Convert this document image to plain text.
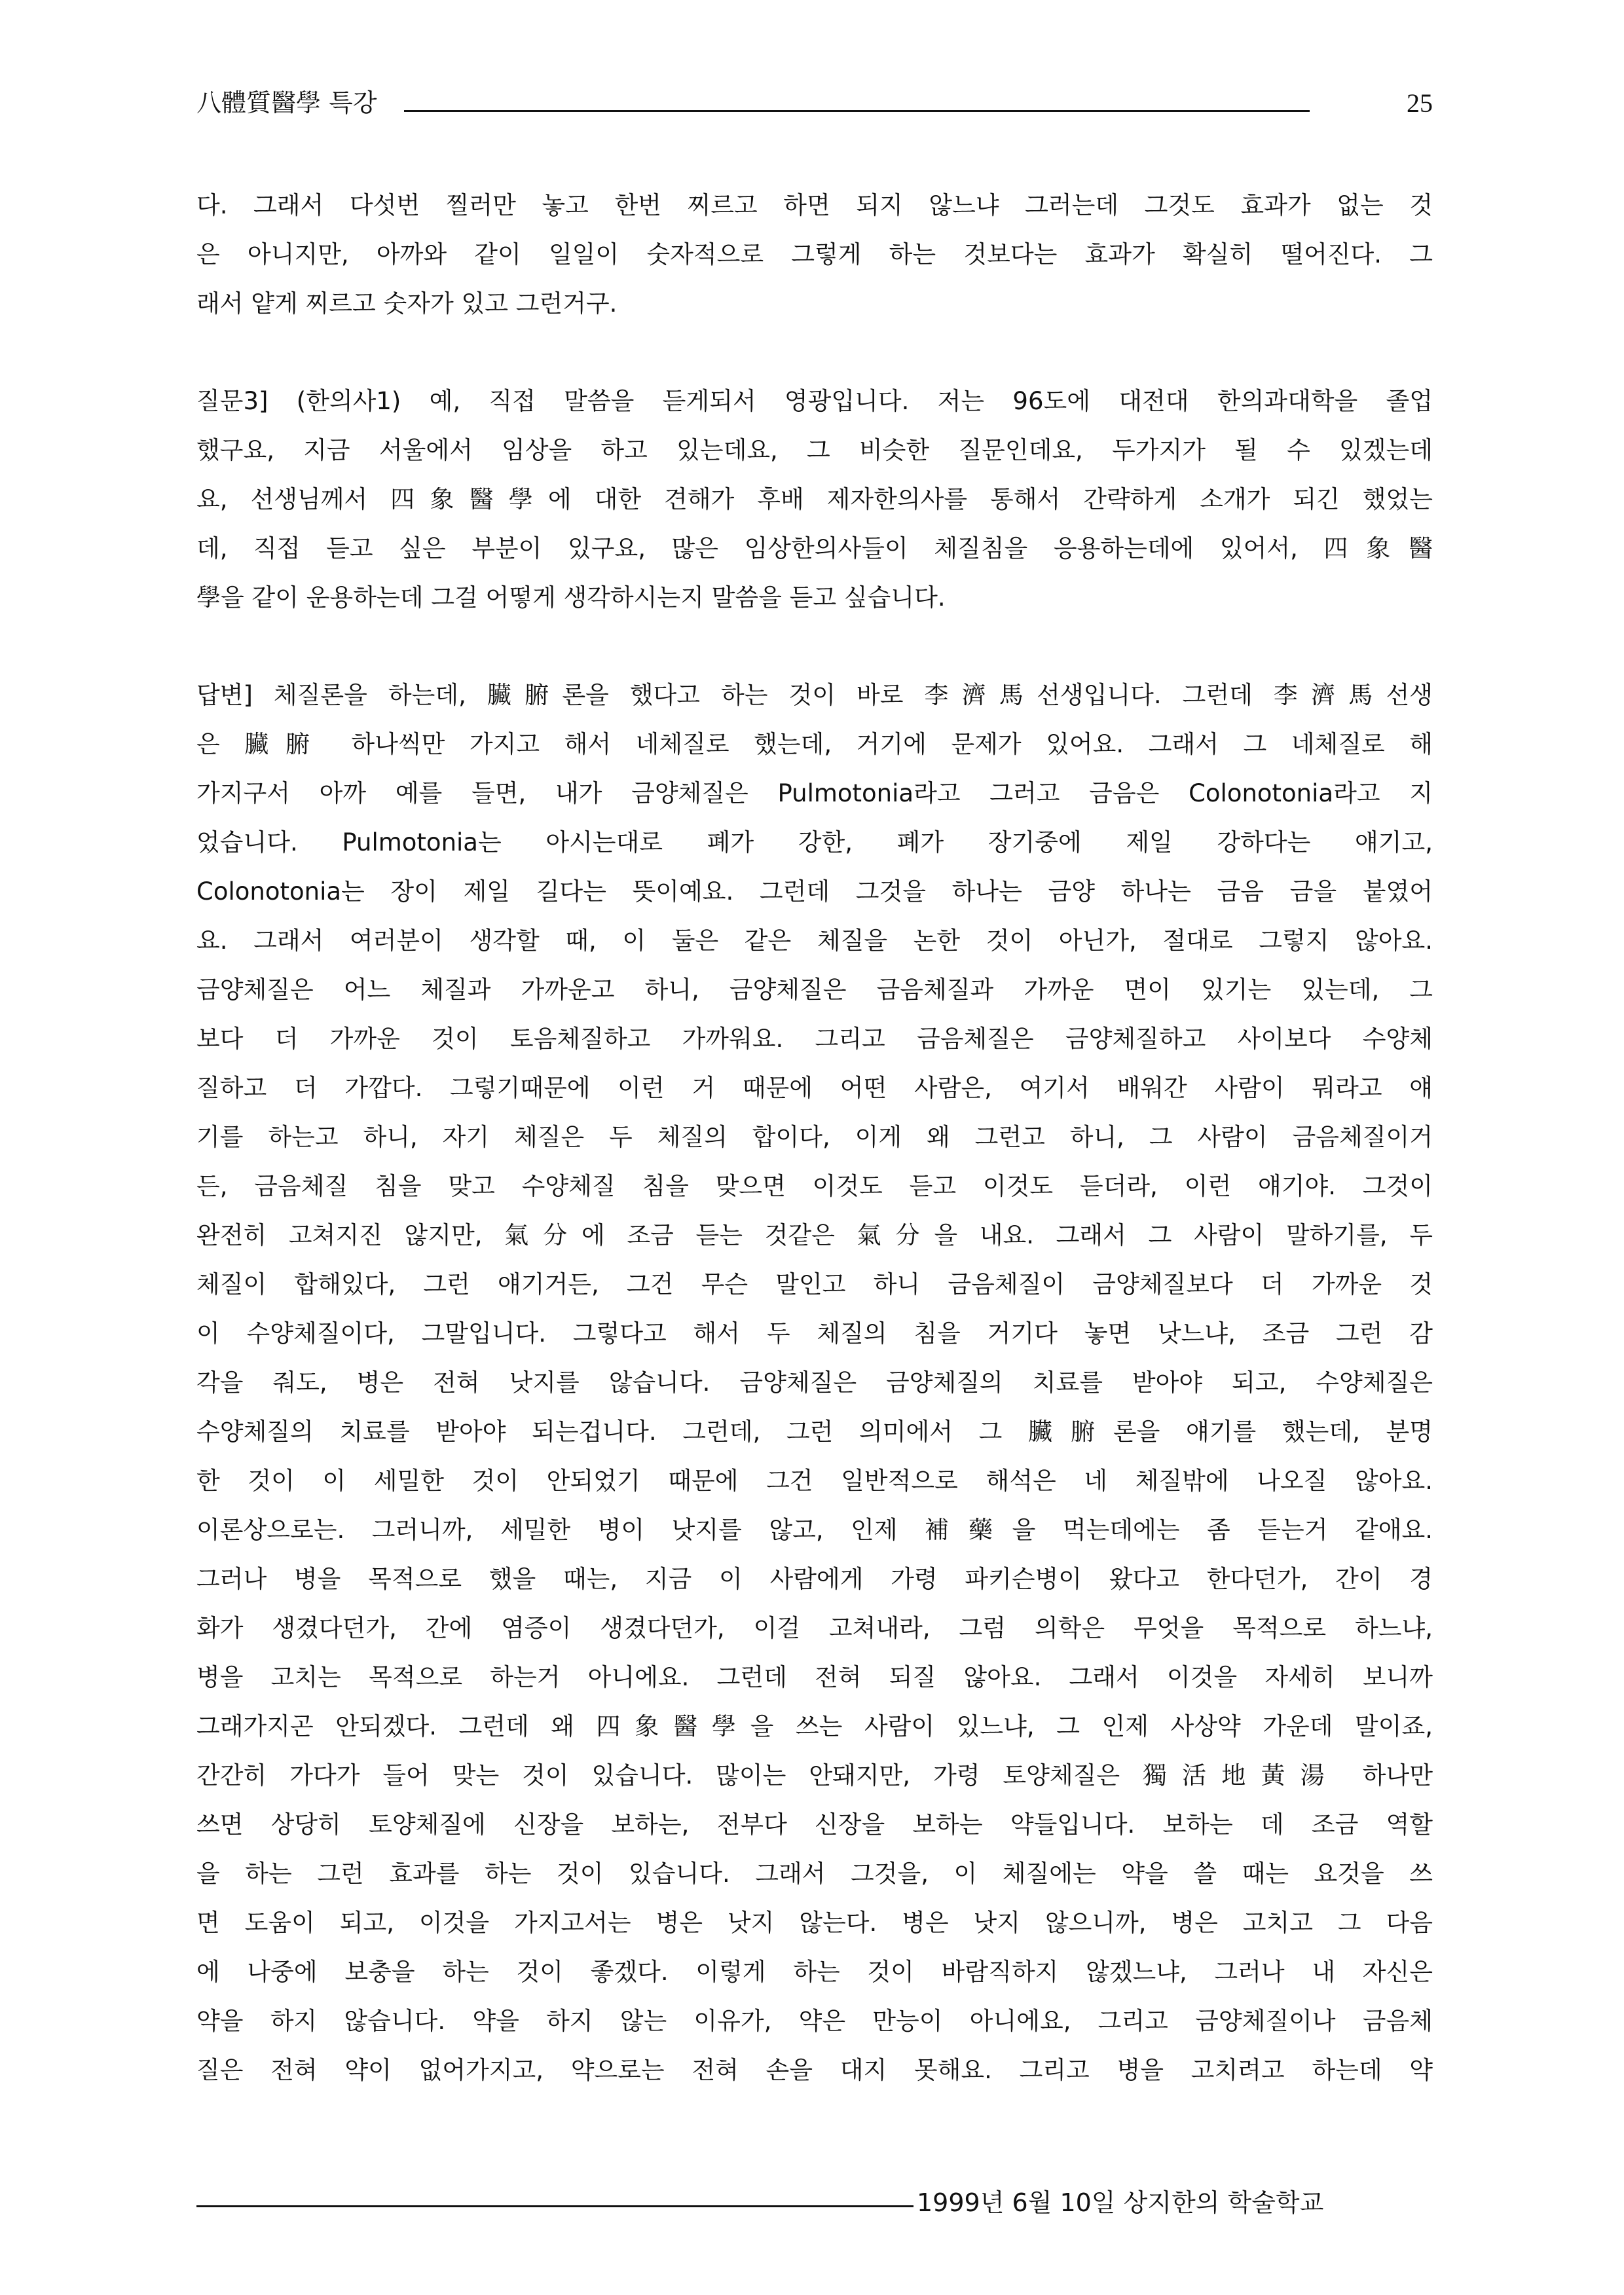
八體質醫學 특강	25
다. 그래서 다섯번 찔러만 놓고 한번 찌르고 하면 되지 않느냐 그러는데 그것도 효과가 없는 것
은 아니지만, 아까와 같이 일일이 숫자적으로 그렇게 하는 것보다는 효과가 확실히 떨어진다. 그
래서 얕게 찌르고 숫자가 있고 그런거구.
질문3] (한의사1) 예, 직접 말씀을 듣게되서 영광입니다. 저는 96도에 대전대 한의과대학을 졸업
했구요, 지금 서울에서 임상을 하고 있는데요, 그 비슷한 질문인데요, 두가지가 될 수 있겠는데
요, 선생님께서 四象醫學에 대한 견해가 후배 제자한의사를 통해서 간략하게 소개가 되긴 했었는
데, 직접 듣고 싶은 부분이 있구요, 많은 임상한의사들이 체질침을 응용하는데에 있어서, 四象醫
學을 같이 운용하는데 그걸 어떻게 생각하시는지 말씀을 듣고 싶습니다.
답변] 체질론을 하는데, 臟腑론을 했다고 하는 것이 바로 李濟馬선생입니다. 그런데 李濟馬선생
은 臟腑 하나씩만 가지고 해서 네체질로 했는데, 거기에 문제가 있어요. 그래서 그 네체질로 해
가지구서 아까 예를 들면, 내가 금양체질은 Pulmotonia라고 그러고 금음은 Colonotonia라고 지
었습니다. Pulmotonia는 아시는대로 폐가 강한, 폐가 장기중에 제일 강하다는 얘기고,
Colonotonia는 장이 제일 길다는 뜻이예요. 그런데 그것을 하나는 금양 하나는 금음 금을 붙였어
요. 그래서 여러분이 생각할 때, 이 둘은 같은 체질을 논한 것이 아닌가, 절대로 그렇지 않아요.
금양체질은 어느 체질과 가까운고 하니, 금양체질은 금음체질과 가까운 면이 있기는 있는데, 그
보다 더 가까운 것이 토음체질하고 가까워요. 그리고 금음체질은 금양체질하고 사이보다 수양체
질하고 더 가깝다. 그렇기때문에 이런 거 때문에 어떤 사람은, 여기서 배워간 사람이 뭐라고 얘
기를 하는고 하니, 자기 체질은 두 체질의 합이다, 이게 왜 그런고 하니, 그 사람이 금음체질이거
든, 금음체질 침을 맞고 수양체질 침을 맞으면 이것도 듣고 이것도 듣더라, 이런 얘기야. 그것이
완전히 고쳐지진 않지만, 氣分에 조금 듣는 것같은 氣分을 내요. 그래서 그 사람이 말하기를, 두
체질이 합해있다, 그런 얘기거든, 그건 무슨 말인고 하니 금음체질이 금양체질보다 더 가까운 것
이 수양체질이다, 그말입니다. 그렇다고 해서 두 체질의 침을 거기다 놓면 낫느냐, 조금 그런 감
각을 줘도, 병은 전혀 낫지를 않습니다. 금양체질은 금양체질의 치료를 받아야 되고, 수양체질은
수양체질의 치료를 받아야 되는겁니다. 그런데, 그런 의미에서 그 臟腑론을 얘기를 했는데, 분명
한 것이 이 세밀한 것이 안되었기 때문에 그건 일반적으로 해석은 네 체질밖에 나오질 않아요.
이론상으로는. 그러니까, 세밀한 병이 낫지를 않고, 인제 補藥을 먹는데에는 좀 듣는거 같애요.
그러나 병을 목적으로 했을 때는, 지금 이 사람에게 가령 파키슨병이 왔다고 한다던가, 간이 경
화가 생겼다던가, 간에 염증이 생겼다던가, 이걸 고쳐내라, 그럼 의학은 무엇을 목적으로 하느냐,
병을 고치는 목적으로 하는거 아니에요. 그런데 전혀 되질 않아요. 그래서 이것을 자세히 보니까
그래가지곤 안되겠다. 그런데 왜 四象醫學을 쓰는 사람이 있느냐, 그 인제 사상약 가운데 말이죠,
간간히 가다가 들어 맞는 것이 있습니다. 많이는 안돼지만, 가령 토양체질은 獨活地黃湯 하나만
쓰면 상당히 토양체질에 신장을 보하는, 전부다 신장을 보하는 약들입니다. 보하는 데 조금 역할
을 하는 그런 효과를 하는 것이 있습니다. 그래서 그것을, 이 체질에는 약을 쓸 때는 요것을 쓰
면 도움이 되고, 이것을 가지고서는 병은 낫지 않는다. 병은 낫지 않으니까, 병은 고치고 그 다음
에 나중에 보충을 하는 것이 좋겠다. 이렇게 하는 것이 바람직하지 않겠느냐, 그러나 내 자신은
약을 하지 않습니다. 약을 하지 않는 이유가, 약은 만능이 아니에요, 그리고 금양체질이나 금음체
질은 전혀 약이 없어가지고, 약으로는 전혀 손을 대지 못해요. 그리고 병을 고치려고 하는데 약
1999년 6월 10일 상지한의 학술학교
